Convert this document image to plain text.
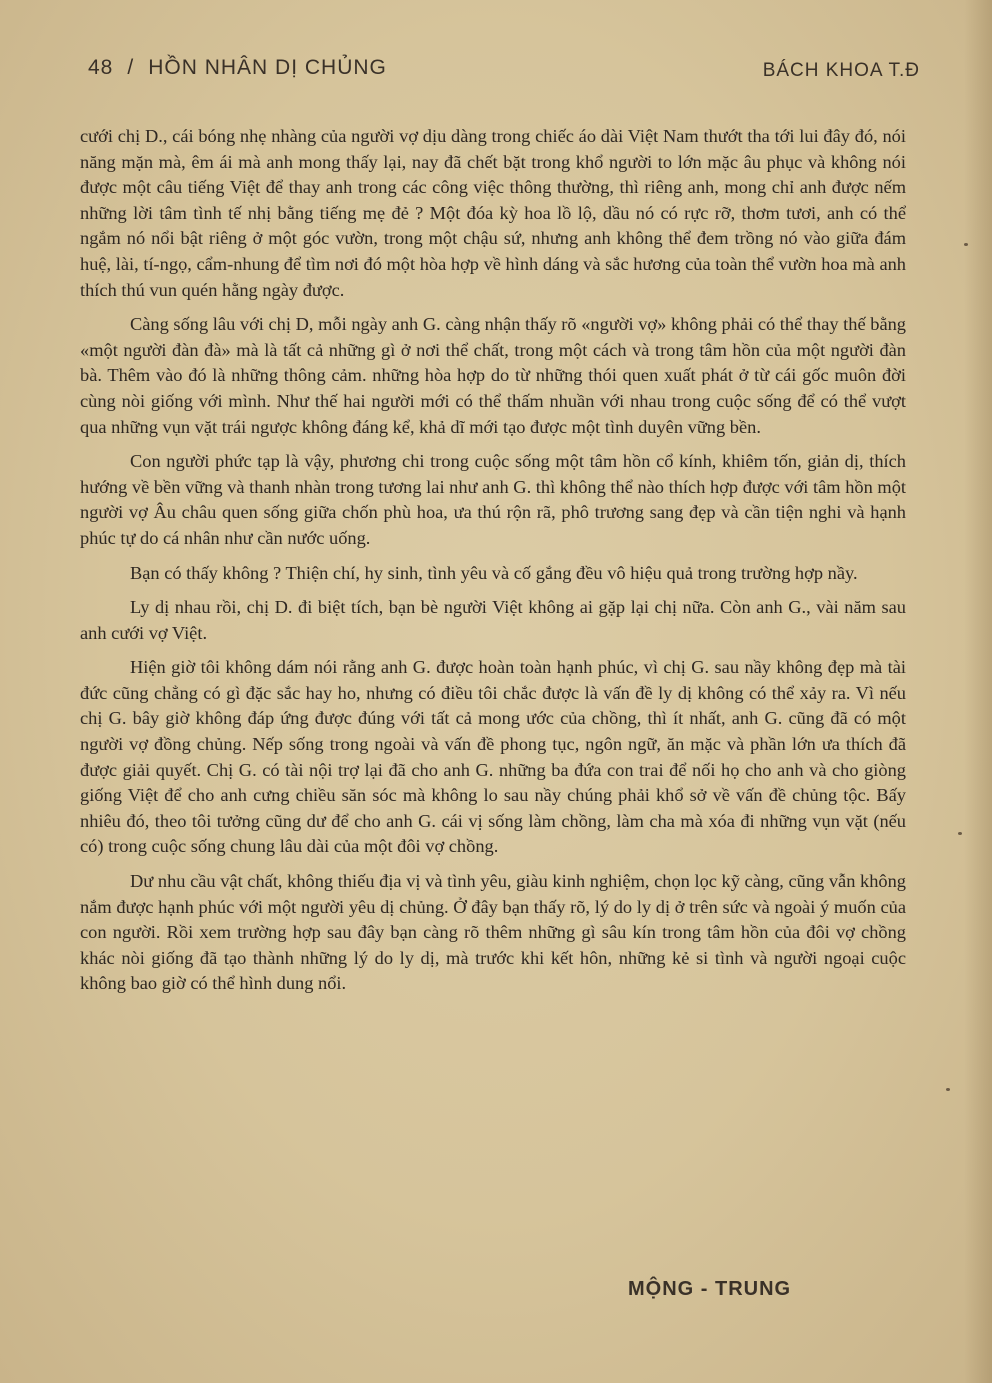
48 / HỒN NHÂN DỊ CHỦNG	BÁCH KHOA T.Đ

cưới chị D., cái bóng nhẹ nhàng của người vợ dịu dàng trong chiếc áo dài Việt Nam thướt tha tới lui đây đó, nói năng mặn mà, êm ái mà anh mong thấy lại, nay đã chết bặt trong khổ người to lớn mặc âu phục và không nói được một câu tiếng Việt để thay anh trong các công việc thông thường, thì riêng anh, mong chỉ anh được nếm những lời tâm tình tế nhị bằng tiếng mẹ đẻ ? Một đóa kỳ hoa lồ lộ, dầu nó có rực rỡ, thơm tươi, anh có thể ngắm nó nổi bật riêng ở một góc vườn, trong một chậu sứ, nhưng anh không thể đem trồng nó vào giữa đám huệ, lài, tí-ngọ, cẩm-nhung để tìm nơi đó một hòa hợp về hình dáng và sắc hương của toàn thể vườn hoa mà anh thích thú vun quén hằng ngày được.

Càng sống lâu với chị D, mỗi ngày anh G. càng nhận thấy rõ «người vợ» không phải có thể thay thế bằng «một người đàn đà» mà là tất cả những gì ở nơi thể chất, trong một cách và trong tâm hồn của một người đàn bà. Thêm vào đó là những thông cảm. những hòa hợp do từ những thói quen xuất phát ở từ cái gốc muôn đời cùng nòi giống với mình. Như thế hai người mới có thể thấm nhuần với nhau trong cuộc sống để có thể vượt qua những vụn vặt trái ngược không đáng kể, khả dĩ mới tạo được một tình duyên vững bền.

Con người phức tạp là vậy, phương chi trong cuộc sống một tâm hồn cổ kính, khiêm tốn, giản dị, thích hướng về bền vững và thanh nhàn trong tương lai như anh G. thì không thể nào thích hợp được với tâm hồn một người vợ Âu châu quen sống giữa chốn phù hoa, ưa thú rộn rã, phô trương sang đẹp và cần tiện nghi và hạnh phúc tự do cá nhân như cần nước uống.

Bạn có thấy không ? Thiện chí, hy sinh, tình yêu và cố gắng đều vô hiệu quả trong trường hợp nầy.

Ly dị nhau rồi, chị D. đi biệt tích, bạn bè người Việt không ai gặp lại chị nữa. Còn anh G., vài năm sau anh cưới vợ Việt.

Hiện giờ tôi không dám nói rằng anh G. được hoàn toàn hạnh phúc, vì chị G. sau nầy không đẹp mà tài đức cũng chẳng có gì đặc sắc hay ho, nhưng có điều tôi chắc được là vấn đề ly dị không có thể xảy ra. Vì nếu chị G. bây giờ không đáp ứng được đúng với tất cả mong ước của chồng, thì ít nhất, anh G. cũng đã có một người vợ đồng chủng. Nếp sống trong ngoài và vấn đề phong tục, ngôn ngữ, ăn mặc và phần lớn ưa thích đã được giải quyết. Chị G. có tài nội trợ lại đã cho anh G. những ba đứa con trai để nối họ cho anh và cho giòng giống Việt để cho anh cưng chiều săn sóc mà không lo sau nầy chúng phải khổ sở về vấn đề chủng tộc. Bấy nhiêu đó, theo tôi tưởng cũng dư để cho anh G. cái vị sống làm chồng, làm cha mà xóa đi những vụn vặt (nếu có) trong cuộc sống chung lâu dài của một đôi vợ chồng.

Dư nhu cầu vật chất, không thiếu địa vị và tình yêu, giàu kinh nghiệm, chọn lọc kỹ càng, cũng vẫn không nắm được hạnh phúc với một người yêu dị chủng. Ở đây bạn thấy rõ, lý do ly dị ở trên sức và ngoài ý muốn của con người. Rồi xem trường hợp sau đây bạn càng rõ thêm những gì sâu kín trong tâm hồn của đôi vợ chồng khác nòi giống đã tạo thành những lý do ly dị, mà trước khi kết hôn, những kẻ si tình và người ngoại cuộc không bao giờ có thể hình dung nổi.

MỘNG - TRUNG
